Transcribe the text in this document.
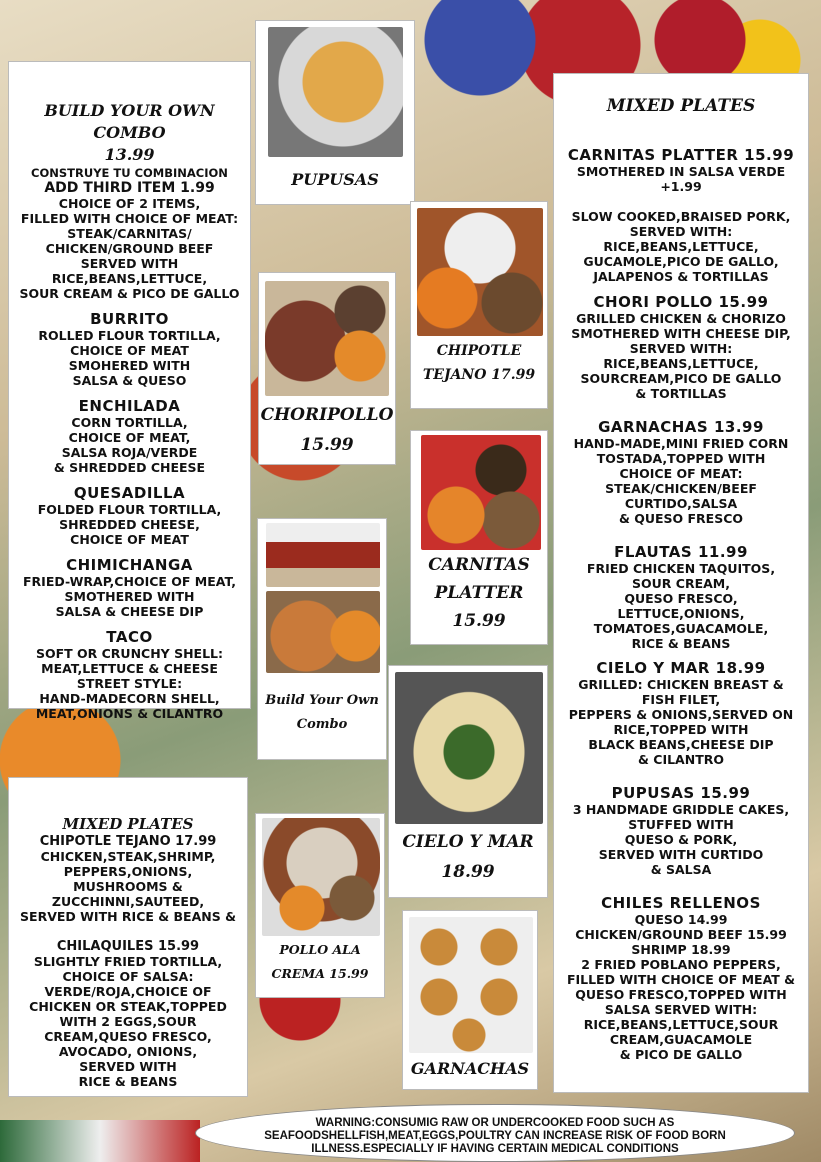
BUILD YOUR OWN COMBO
13.99
CONSTRUYE TU COMBINACION
ADD THIRD ITEM 1.99
CHOICE OF 2 ITEMS,
FILLED WITH CHOICE OF MEAT:
STEAK/CARNITAS/
CHICKEN/GROUND BEEF
SERVED WITH
RICE,BEANS,LETTUCE,
SOUR CREAM & PICO DE GALLO
BURRITO
ROLLED FLOUR TORTILLA,
CHOICE OF MEAT
SMOHERED WITH
SALSA & QUESO
ENCHILADA
CORN TORTILLA,
CHOICE OF MEAT,
SALSA ROJA/VERDE
& SHREDDED CHEESE
QUESADILLA
FOLDED FLOUR TORTILLA,
SHREDDED CHEESE,
CHOICE OF MEAT
CHIMICHANGA
FRIED-WRAP,CHOICE OF MEAT,
SMOTHERED WITH
SALSA & CHEESE DIP
TACO
SOFT OR CRUNCHY SHELL:
MEAT,LETTUCE & CHEESE
STREET STYLE:
HAND-MADECORN SHELL,
MEAT,ONIONS & CILANTRO
MIXED PLATES
CHIPOTLE TEJANO 17.99
CHICKEN,STEAK,SHRIMP,
PEPPERS,ONIONS,
MUSHROOMS &
ZUCCHINNI,SAUTEED,
SERVED WITH RICE & BEANS &
CHILAQUILES 15.99
SLIGHTLY FRIED TORTILLA,
CHOICE OF SALSA:
VERDE/ROJA,CHOICE OF
CHICKEN OR STEAK,TOPPED
WITH 2 EGGS,SOUR
CREAM,QUESO FRESCO,
AVOCADO, ONIONS,
SERVED WITH
RICE & BEANS
MIXED PLATES
CARNITAS PLATTER 15.99
SMOTHERED IN SALSA VERDE
+1.99
SLOW COOKED,BRAISED PORK,
SERVED WITH:
RICE,BEANS,LETTUCE,
GUCAMOLE,PICO DE GALLO,
JALAPENOS & TORTILLAS
CHORI POLLO 15.99
GRILLED CHICKEN & CHORIZO
SMOTHERED WITH CHEESE DIP,
SERVED WITH:
RICE,BEANS,LETTUCE,
SOURCREAM,PICO DE GALLO
& TORTILLAS
GARNACHAS 13.99
HAND-MADE,MINI FRIED CORN
TOSTADA,TOPPED WITH
CHOICE OF MEAT:
STEAK/CHICKEN/BEEF
CURTIDO,SALSA
& QUESO FRESCO
FLAUTAS 11.99
FRIED CHICKEN TAQUITOS,
SOUR CREAM,
QUESO FRESCO,
LETTUCE,ONIONS,
TOMATOES,GUACAMOLE,
RICE & BEANS
CIELO Y MAR 18.99
GRILLED: CHICKEN BREAST &
FISH FILET,
PEPPERS & ONIONS,SERVED ON
RICE,TOPPED WITH
BLACK BEANS,CHEESE DIP
& CILANTRO
PUPUSAS 15.99
3 HANDMADE GRIDDLE CAKES,
STUFFED WITH
QUESO & PORK,
SERVED WITH CURTIDO
& SALSA
CHILES RELLENOS
QUESO 14.99
CHICKEN/GROUND BEEF 15.99
SHRIMP 18.99
2 FRIED POBLANO PEPPERS,
FILLED WITH CHOICE OF MEAT &
QUESO FRESCO,TOPPED WITH
SALSA SERVED WITH:
RICE,BEANS,LETTUCE,SOUR
CREAM,GUACAMOLE
& PICO DE GALLO
PUPUSAS
CHIPOTLE
TEJANO 17.99
CHORIPOLLO
15.99
CARNITAS
PLATTER
15.99
Build Your Own
Combo
CIELO Y MAR
18.99
POLLO ALA
CREMA 15.99
GARNACHAS
WARNING:CONSUMIG RAW OR UNDERCOOKED FOOD SUCH AS
SEAFOODSHELLFISH,MEAT,EGGS,POULTRY CAN INCREASE RISK OF FOOD BORN
ILLNESS.ESPECIALLY IF HAVING CERTAIN MEDICAL CONDITIONS
